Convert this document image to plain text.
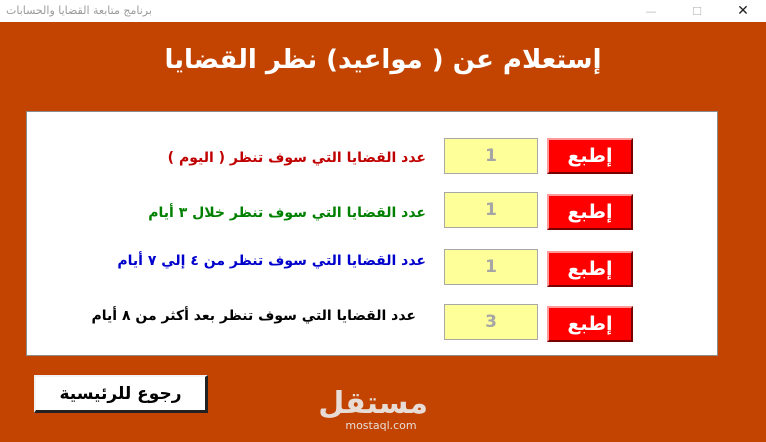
برنامج متابعة القضايا والحسابات	—	☐	✕
إستعلام عن ( مواعيد) نظر القضايا
إطبع
1
عدد القضايا التي سوف تنظر ( اليوم )
إطبع
1
عدد القضايا التي سوف تنظر خلال ٣ أيام
إطبع
1
عدد القضايا التي سوف تنظر من ٤ إلي ٧ أيام
إطبع
3
عدد القضايا التي سوف تنظر بعد أكثر من ٨ أيام
رجوع للرئيسية	مستقل
mostaql.com
